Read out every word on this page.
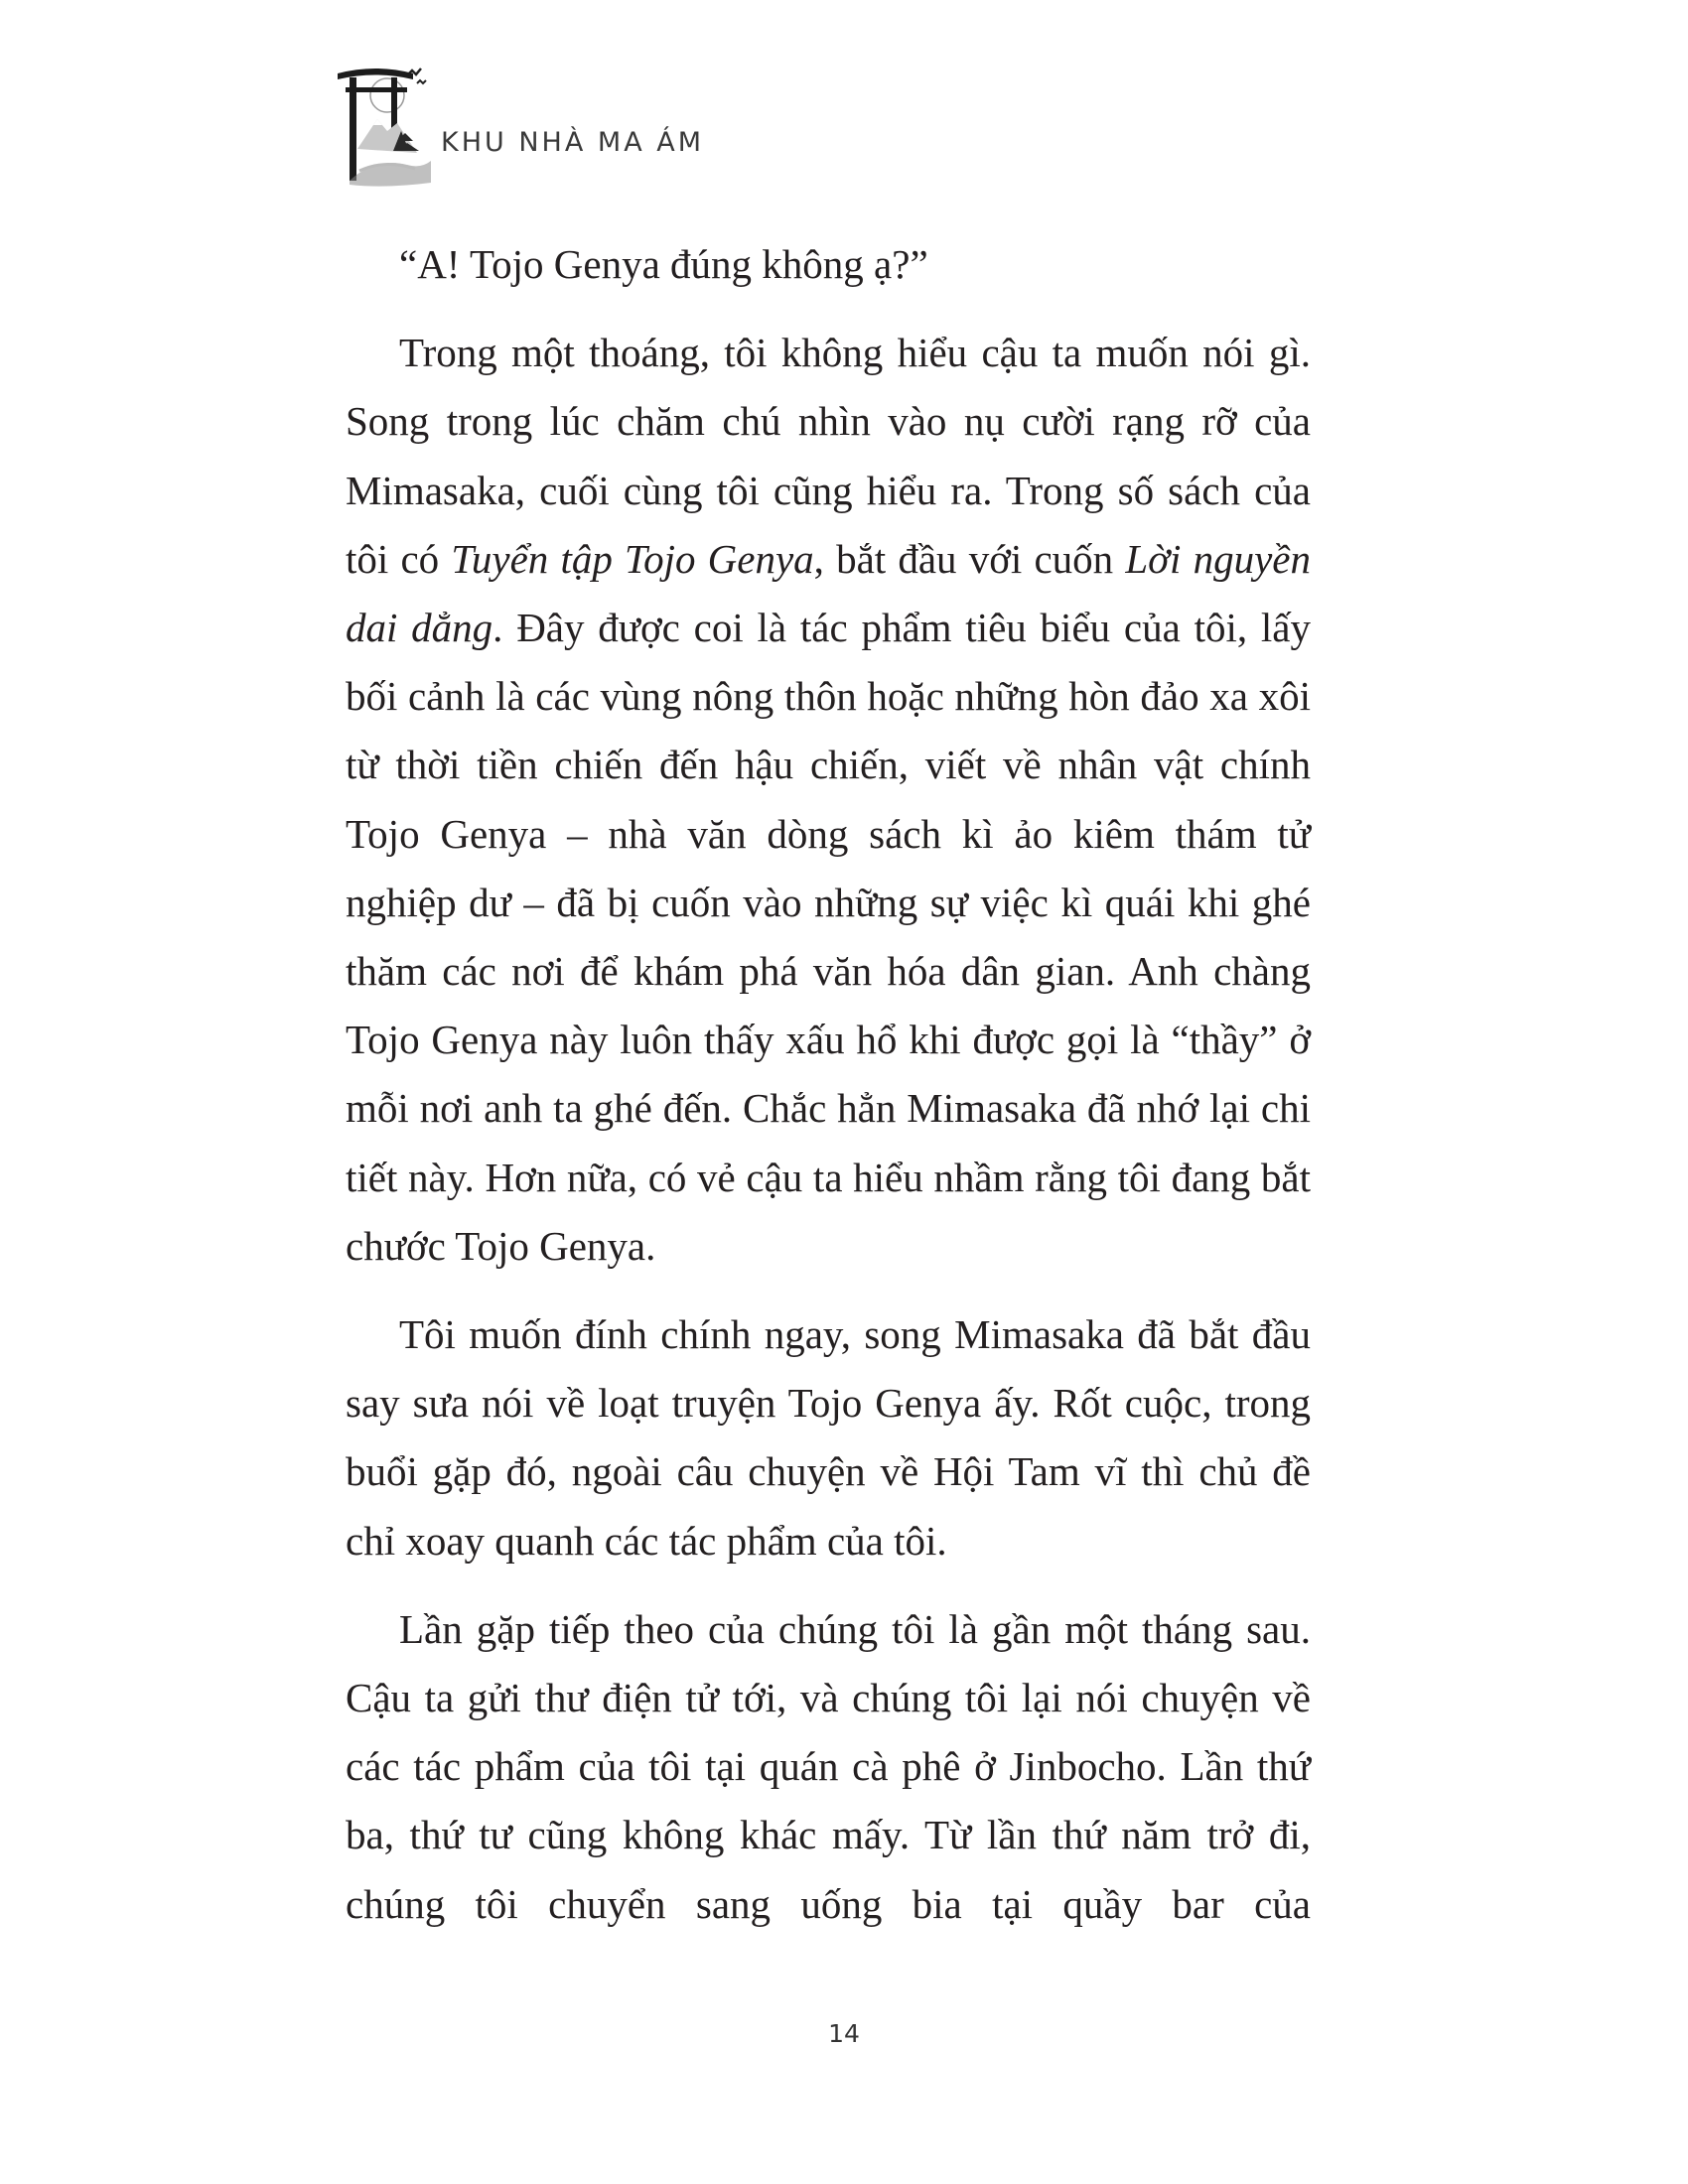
KHU NHÀ MA ÁM

“A! Tojo Genya đúng không ạ?”

Trong một thoáng, tôi không hiểu cậu ta muốn nói gì. Song trong lúc chăm chú nhìn vào nụ cười rạng rỡ của Mimasaka, cuối cùng tôi cũng hiểu ra. Trong số sách của tôi có Tuyển tập Tojo Genya, bắt đầu với cuốn Lời nguyền dai dẳng. Đây được coi là tác phẩm tiêu biểu của tôi, lấy bối cảnh là các vùng nông thôn hoặc những hòn đảo xa xôi từ thời tiền chiến đến hậu chiến, viết về nhân vật chính Tojo Genya – nhà văn dòng sách kì ảo kiêm thám tử nghiệp dư – đã bị cuốn vào những sự việc kì quái khi ghé thăm các nơi để khám phá văn hóa dân gian. Anh chàng Tojo Genya này luôn thấy xấu hổ khi được gọi là “thầy” ở mỗi nơi anh ta ghé đến. Chắc hẳn Mimasaka đã nhớ lại chi tiết này. Hơn nữa, có vẻ cậu ta hiểu nhầm rằng tôi đang bắt chước Tojo Genya.

Tôi muốn đính chính ngay, song Mimasaka đã bắt đầu say sưa nói về loạt truyện Tojo Genya ấy. Rốt cuộc, trong buổi gặp đó, ngoài câu chuyện về Hội Tam vĩ thì chủ đề chỉ xoay quanh các tác phẩm của tôi.

Lần gặp tiếp theo của chúng tôi là gần một tháng sau. Cậu ta gửi thư điện tử tới, và chúng tôi lại nói chuyện về các tác phẩm của tôi tại quán cà phê ở Jinbocho. Lần thứ ba, thứ tư cũng không khác mấy. Từ lần thứ năm trở đi, chúng tôi chuyển sang uống bia tại quầy bar của

14
